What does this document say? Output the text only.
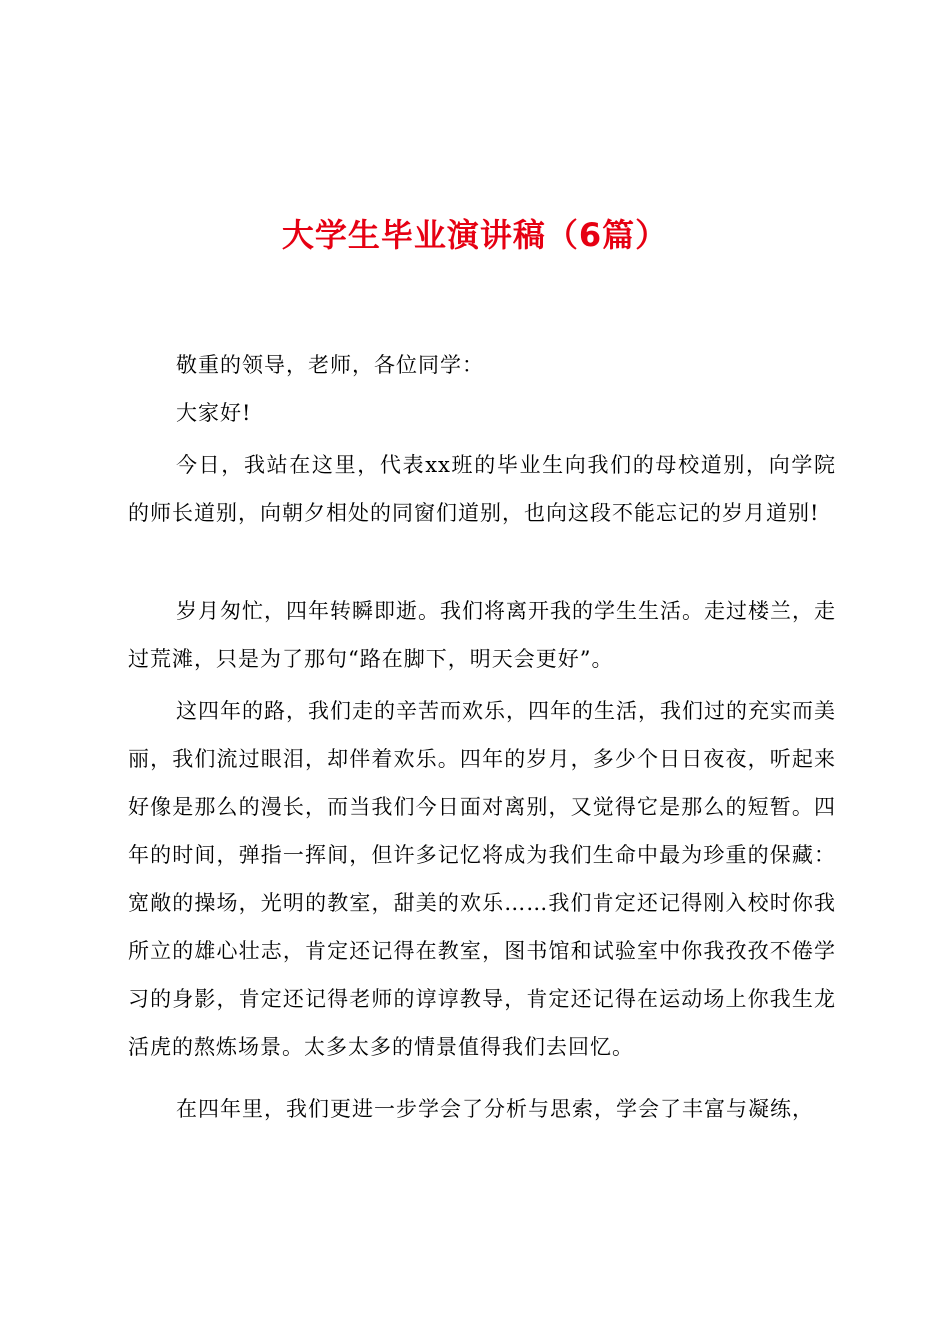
大学生毕业演讲稿（6篇）

敬重的领导，老师，各位同学：

大家好!

今日，我站在这里，代表xx班的毕业生向我们的母校道别，向学院的师长道别，向朝夕相处的同窗们道别，也向这段不能忘记的岁月道别!

岁月匆忙，四年转瞬即逝。我们将离开我的学生生活。走过楼兰，走过荒滩，只是为了那句“路在脚下，明天会更好”。

这四年的路，我们走的辛苦而欢乐，四年的生活，我们过的充实而美丽，我们流过眼泪，却伴着欢乐。四年的岁月，多少个日日夜夜，听起来好像是那么的漫长，而当我们今日面对离别，又觉得它是那么的短暂。四年的时间，弹指一挥间，但许多记忆将成为我们生命中最为珍重的保藏：宽敞的操场，光明的教室，甜美的欢乐……我们肯定还记得刚入校时你我所立的雄心壮志，肯定还记得在教室，图书馆和试验室中你我孜孜不倦学习的身影，肯定还记得老师的谆谆教导，肯定还记得在运动场上你我生龙活虎的熬炼场景。太多太多的情景值得我们去回忆。

在四年里，我们更进一步学会了分析与思索，学会了丰富与凝练，
